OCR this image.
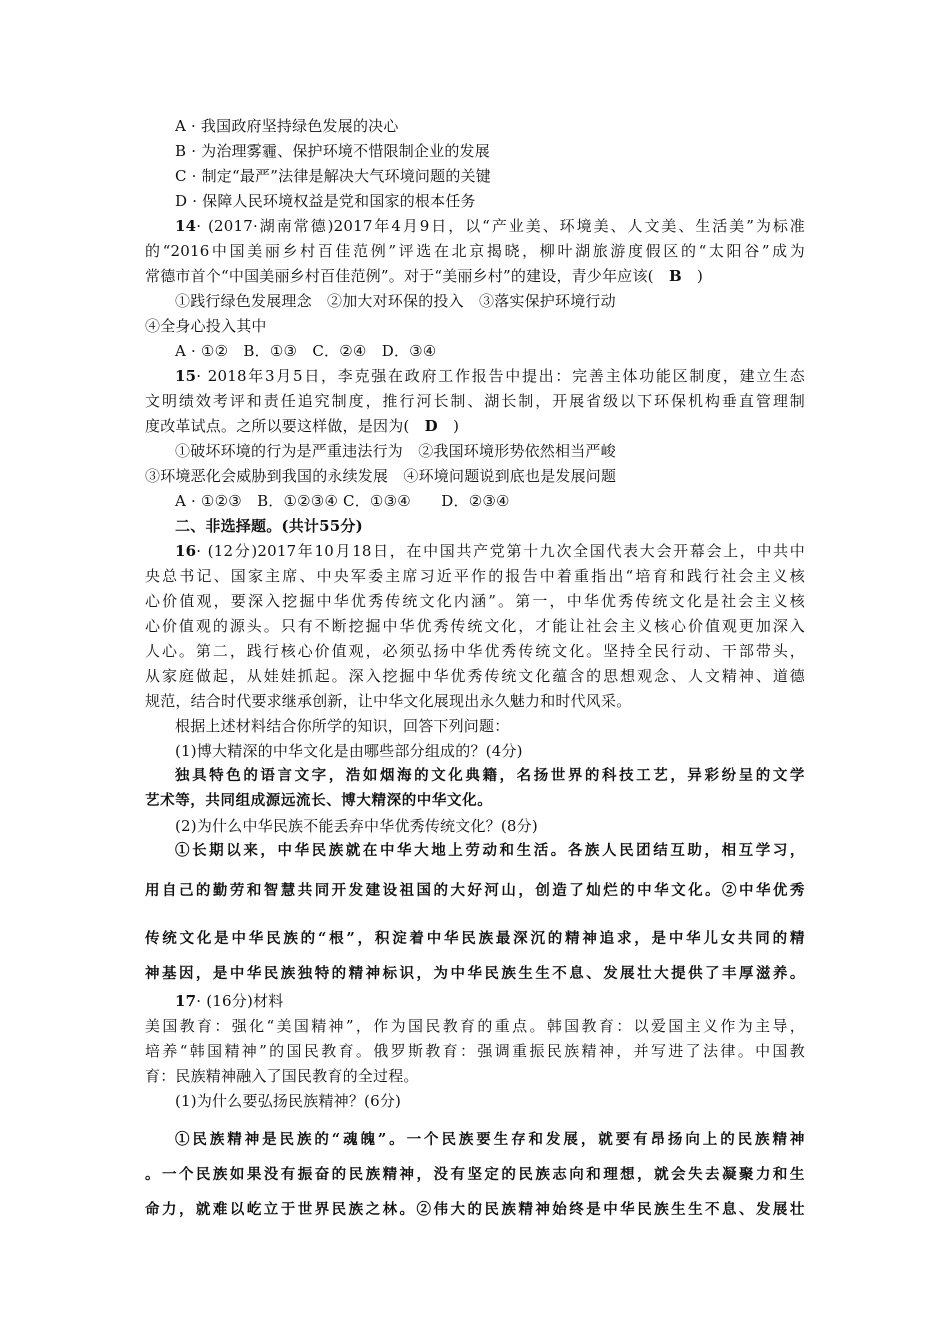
A · 我国政府坚持绿色发展的决心
B · 为治理雾霾、保护环境不惜限制企业的发展
C · 制定“最严”法律是解决大气环境问题的关键
D · 保障人民环境权益是党和国家的根本任务
14· (2017·湖南常德)2017年4月9日，以“产业美、环境美、人文美、生活美”为标准
的“2016中国美丽乡村百佳范例”评选在北京揭晓，柳叶湖旅游度假区的“太阳谷”成为
常德市首个“中国美丽乡村百佳范例”。对于“美丽乡村”的建设，青少年应该(　B　)
①践行绿色发展理念　②加大对环保的投入　③落实保护环境行动
④全身心投入其中
A · ①②　B．①③　C．②④　D．③④
15· 2018年3月5日，李克强在政府工作报告中提出：完善主体功能区制度，建立生态
文明绩效考评和责任追究制度，推行河长制、湖长制，开展省级以下环保机构垂直管理制
度改革试点。之所以要这样做，是因为(　D　)
①破坏环境的行为是严重违法行为　②我国环境形势依然相当严峻
③环境恶化会威胁到我国的永续发展　④环境问题说到底也是发展问题
A · ①②③　B．①②③④ C．①③④　　D．②③④
二、非选择题。(共计55分)
16· (12分)2017年10月18日，在中国共产党第十九次全国代表大会开幕会上，中共中
央总书记、国家主席、中央军委主席习近平作的报告中着重指出“培育和践行社会主义核
心价值观，要深入挖掘中华优秀传统文化内涵”。第一，中华优秀传统文化是社会主义核
心价值观的源头。只有不断挖掘中华优秀传统文化，才能让社会主义核心价值观更加深入
人心。第二，践行核心价值观，必须弘扬中华优秀传统文化。坚持全民行动、干部带头，
从家庭做起，从娃娃抓起。深入挖掘中华优秀传统文化蕴含的思想观念、人文精神、道德
规范，结合时代要求继承创新，让中华文化展现出永久魅力和时代风采。
根据上述材料结合你所学的知识，回答下列问题：
(1)博大精深的中华文化是由哪些部分组成的？(4分)
独具特色的语言文字，浩如烟海的文化典籍，名扬世界的科技工艺，异彩纷呈的文学
艺术等，共同组成源远流长、博大精深的中华文化。
(2)为什么中华民族不能丢弃中华优秀传统文化？(8分)
①长期以来，中华民族就在中华大地上劳动和生活。各族人民团结互助，相互学习，
用自己的勤劳和智慧共同开发建设祖国的大好河山，创造了灿烂的中华文化。②中华优秀
传统文化是中华民族的“根”，积淀着中华民族最深沉的精神追求，是中华儿女共同的精
神基因，是中华民族独特的精神标识，为中华民族生生不息、发展壮大提供了丰厚滋养。
17· (16分)材料
美国教育：强化“美国精神”，作为国民教育的重点。韩国教育：以爱国主义作为主导，
培养“韩国精神”的国民教育。俄罗斯教育：强调重振民族精神，并写进了法律。中国教
育：民族精神融入了国民教育的全过程。
(1)为什么要弘扬民族精神？(6分)
①民族精神是民族的“魂魄”。一个民族要生存和发展，就要有昂扬向上的民族精神
。一个民族如果没有振奋的民族精神，没有坚定的民族志向和理想，就会失去凝聚力和生
命力，就难以屹立于世界民族之林。②伟大的民族精神始终是中华民族生生不息、发展壮
